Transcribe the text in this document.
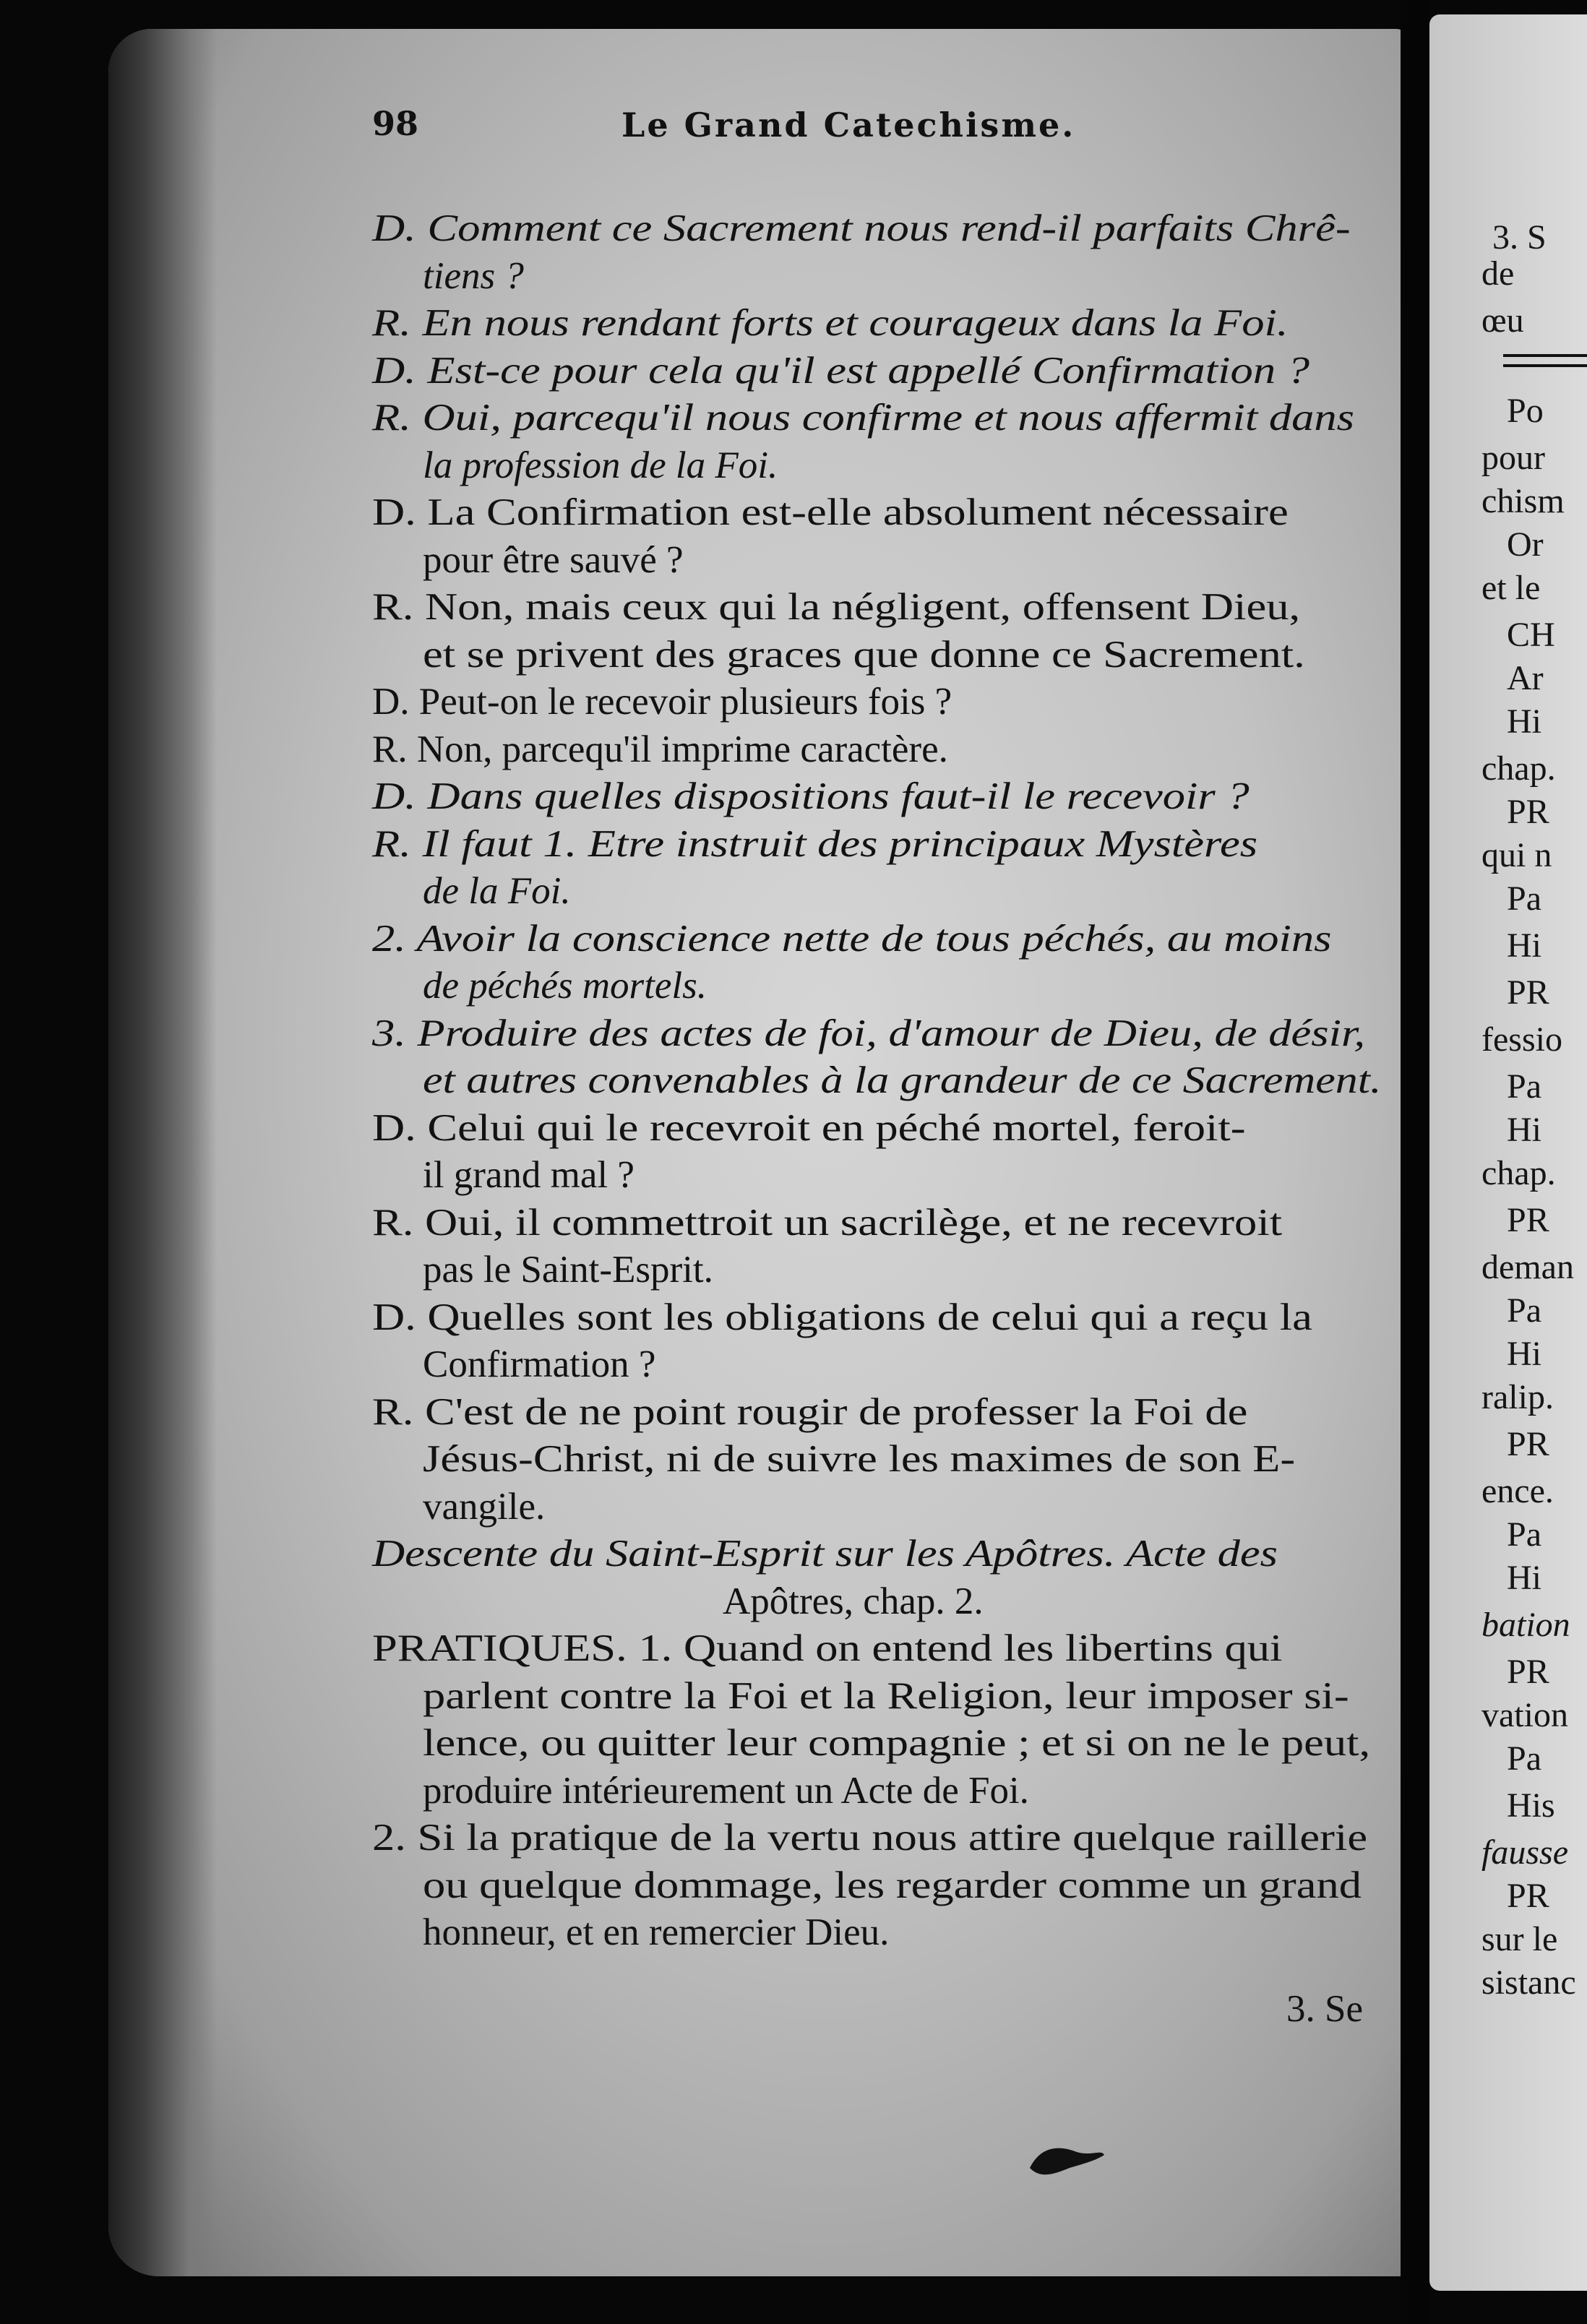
98	Le Grand Catechisme.
D. Comment ce Sacrement nous rend-il parfaits Chrê-
tiens ?
R. En nous rendant forts et courageux dans la Foi.
D. Est-ce pour cela qu'il est appellé Confirmation ?
R. Oui, parcequ'il nous confirme et nous affermit dans
la profession de la Foi.
D. La Confirmation est-elle absolument nécessaire
pour être sauvé ?
R. Non, mais ceux qui la négligent, offensent Dieu,
et se privent des graces que donne ce Sacrement.
D. Peut-on le recevoir plusieurs fois ?
R. Non, parcequ'il imprime caractère.
D. Dans quelles dispositions faut-il le recevoir ?
R. Il faut 1. Etre instruit des principaux Mystères
de la Foi.
2. Avoir la conscience nette de tous péchés, au moins
de péchés mortels.
3. Produire des actes de foi, d'amour de Dieu, de désir,
et autres convenables à la grandeur de ce Sacrement.
D. Celui qui le recevroit en péché mortel, feroit-
il grand mal ?
R. Oui, il commettroit un sacrilège, et ne recevroit
pas le Saint-Esprit.
D. Quelles sont les obligations de celui qui a reçu la
Confirmation ?
R. C'est de ne point rougir de professer la Foi de
Jésus-Christ, ni de suivre les maximes de son E-
vangile.
Descente du Saint-Esprit sur les Apôtres. Acte des
Apôtres, chap. 2.
PRATIQUES. 1. Quand on entend les libertins qui
parlent contre la Foi et la Religion, leur imposer si-
lence, ou quitter leur compagnie ; et si on ne le peut,
produire intérieurement un Acte de Foi.
2. Si la pratique de la vertu nous attire quelque raillerie
ou quelque dommage, les regarder comme un grand
honneur, et en remercier Dieu.
3. Se
3. S
de
œu
Po
pour
chism
Or
et le
CH
Ar
Hi
chap.
PR
qui n
Pa
Hi
PR
fessio
Pa
Hi
chap.
PR
deman
Pa
Hi
ralip.
PR
ence.
Pa
Hi
bation
PR
vation
Pa
His
fausse
PR
sur le
sistanc
